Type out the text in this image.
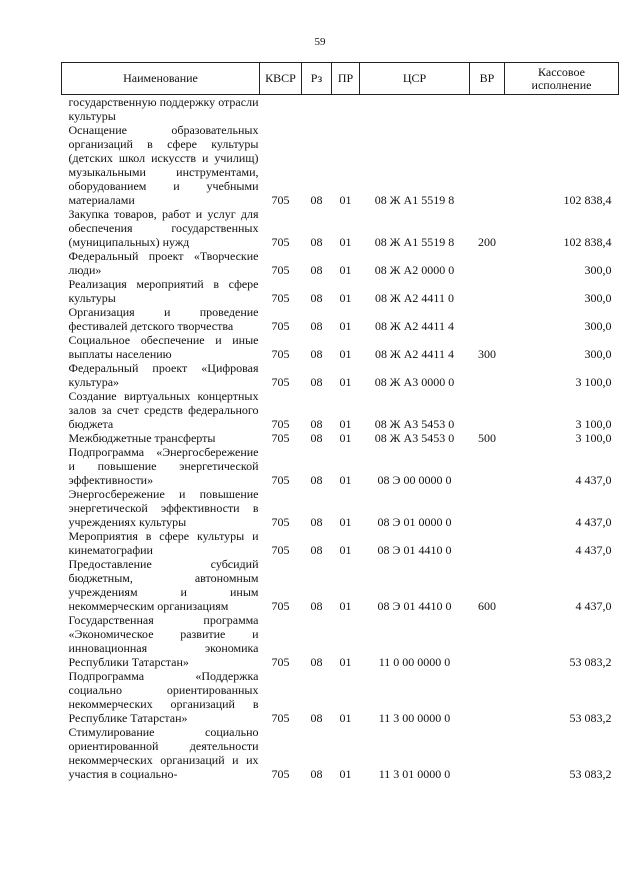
59
Наименование	КВСР	Рз	ПР	ЦСР	ВР	Кассовое исполнение
государственную поддержку отрасли культуры						
Оснащение образовательных организаций в сфере культуры (детских школ искусств и училищ) музыкальными инструментами, оборудованием и учебными материалами	705	08	01	08 Ж А1 5519 8		102 838,4
Закупка товаров, работ и услуг для обеспечения государственных (муниципальных) нужд	705	08	01	08 Ж А1 5519 8	200	102 838,4
Федеральный проект «Творческие люди»	705	08	01	08 Ж А2 0000 0		300,0
Реализация мероприятий в сфере культуры	705	08	01	08 Ж А2 4411 0		300,0
Организация и проведение фестивалей детского творчества	705	08	01	08 Ж А2 4411 4		300,0
Социальное обеспечение и иные выплаты населению	705	08	01	08 Ж А2 4411 4	300	300,0
Федеральный проект «Цифровая культура»	705	08	01	08 Ж А3 0000 0		3 100,0
Создание виртуальных концертных залов за счет средств федерального бюджета	705	08	01	08 Ж А3 5453 0		3 100,0
Межбюджетные трансферты	705	08	01	08 Ж А3 5453 0	500	3 100,0
Подпрограмма «Энергосбережение и повышение энергетической эффективности»	705	08	01	08 Э 00 0000 0		4 437,0
Энергосбережение и повышение энергетической эффективности в учреждениях культуры	705	08	01	08 Э 01 0000 0		4 437,0
Мероприятия в сфере культуры и кинематографии	705	08	01	08 Э 01 4410 0		4 437,0
Предоставление субсидий бюджетным, автономным учреждениям и иным некоммерческим организациям	705	08	01	08 Э 01 4410 0	600	4 437,0
Государственная программа «Экономическое развитие и инновационная экономика Республики Татарстан»	705	08	01	11 0 00 0000 0		53 083,2
Подпрограмма «Поддержка социально ориентированных некоммерческих организаций в Республике Татарстан»	705	08	01	11 3 00 0000 0		53 083,2
Стимулирование социально ориентированной деятельности некоммерческих организаций и их участия в социально-	705	08	01	11 3 01 0000 0		53 083,2
